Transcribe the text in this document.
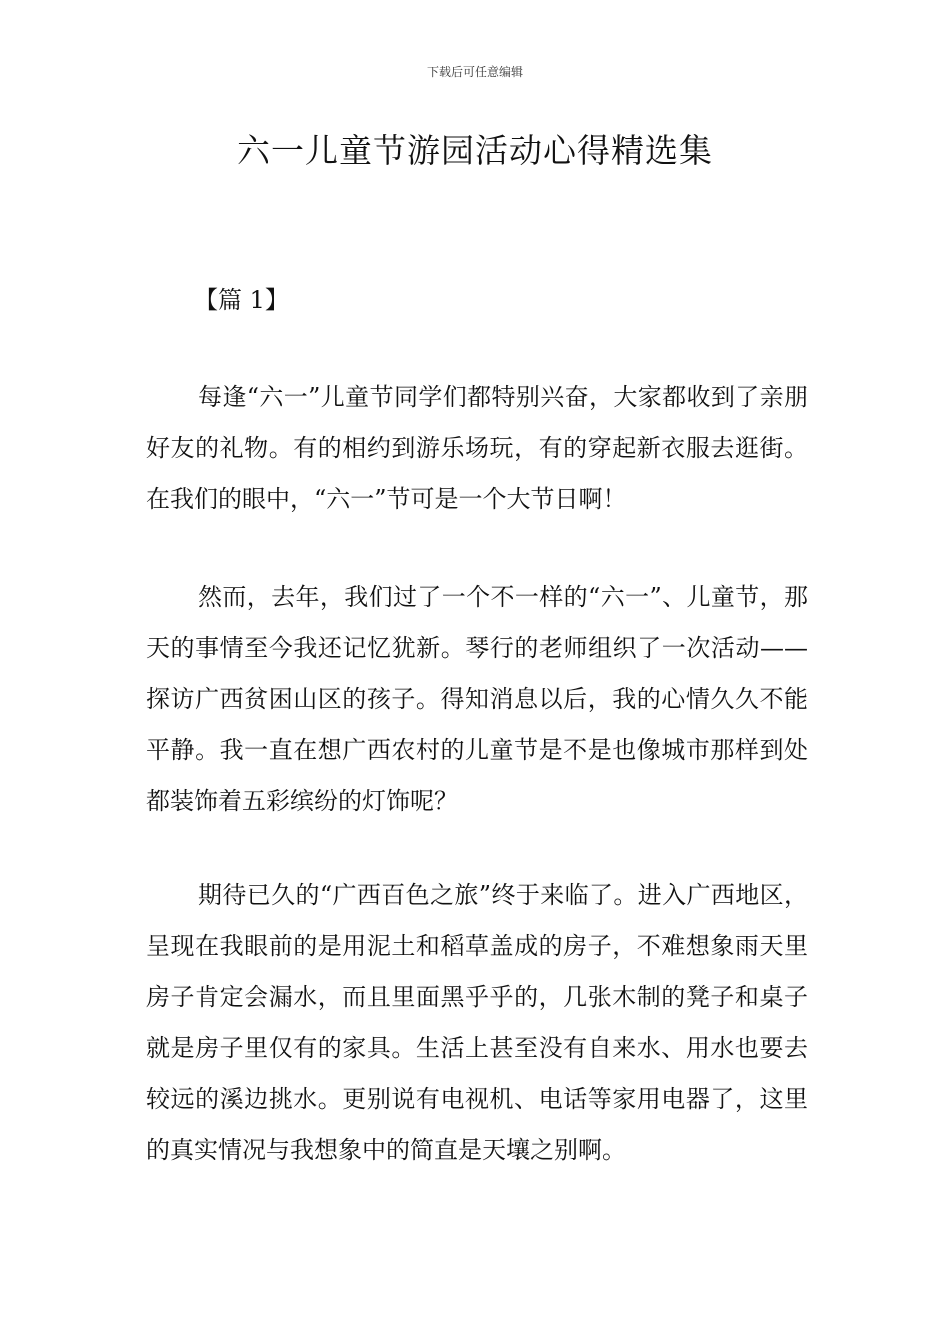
下载后可任意编辑
六一儿童节游园活动心得精选集
【篇 1】

每逢“六一”儿童节同学们都特别兴奋，大家都收到了亲朋好友的礼物。有的相约到游乐场玩，有的穿起新衣服去逛街。在我们的眼中，“六一”节可是一个大节日啊！

然而，去年，我们过了一个不一样的“六一”、儿童节，那天的事情至今我还记忆犹新。琴行的老师组织了一次活动——探访广西贫困山区的孩子。得知消息以后，我的心情久久不能平静。我一直在想广西农村的儿童节是不是也像城市那样到处都装饰着五彩缤纷的灯饰呢？

期待已久的“广西百色之旅”终于来临了。进入广西地区，呈现在我眼前的是用泥土和稻草盖成的房子，不难想象雨天里房子肯定会漏水，而且里面黑乎乎的，几张木制的凳子和桌子就是房子里仅有的家具。生活上甚至没有自来水、用水也要去较远的溪边挑水。更别说有电视机、电话等家用电器了，这里的真实情况与我想象中的简直是天壤之别啊。
